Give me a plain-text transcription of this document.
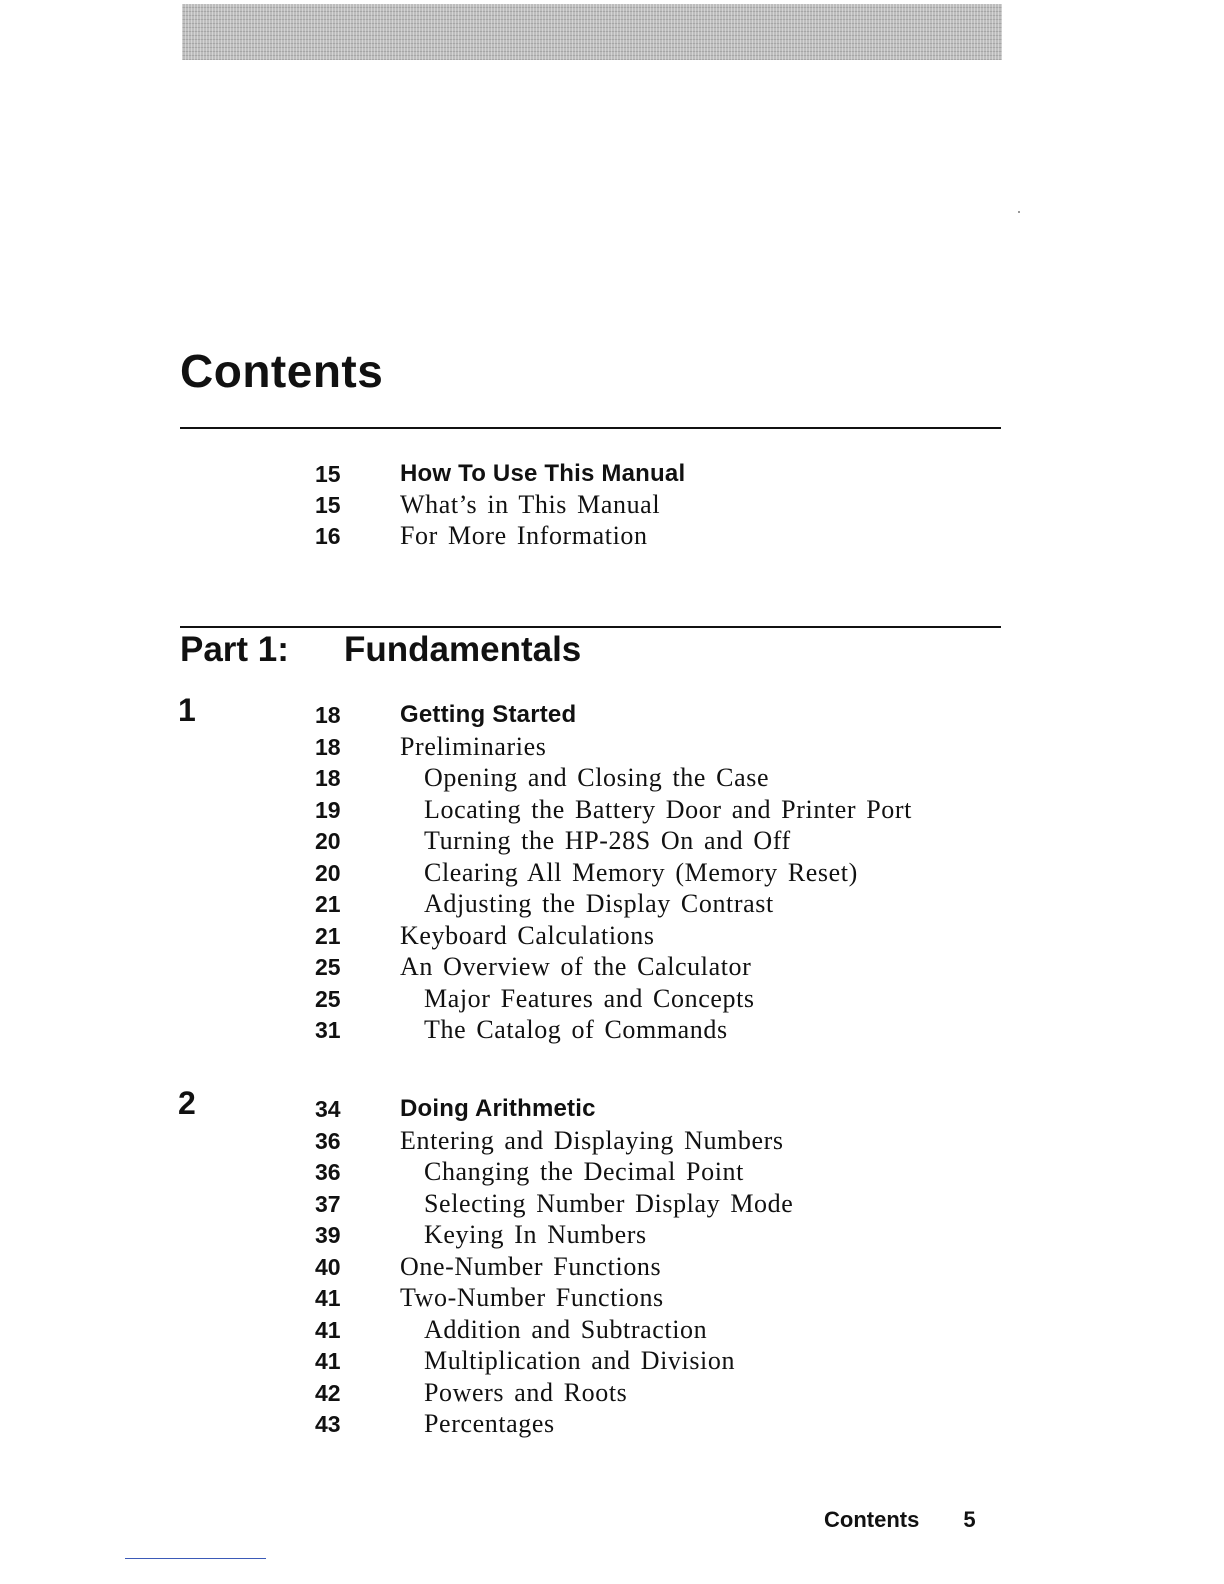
Contents
15	How To Use This Manual
15	What’s in This Manual
16	For More Information
Part 1: Fundamentals
1	18	Getting Started
18	Preliminaries
18	Opening and Closing the Case
19	Locating the Battery Door and Printer Port
20	Turning the HP-28S On and Off
20	Clearing All Memory (Memory Reset)
21	Adjusting the Display Contrast
21	Keyboard Calculations
25	An Overview of the Calculator
25	Major Features and Concepts
31	The Catalog of Commands
2	34	Doing Arithmetic
36	Entering and Displaying Numbers
36	Changing the Decimal Point
37	Selecting Number Display Mode
39	Keying In Numbers
40	One-Number Functions
41	Two-Number Functions
41	Addition and Subtraction
41	Multiplication and Division
42	Powers and Roots
43	Percentages
Contents 5
